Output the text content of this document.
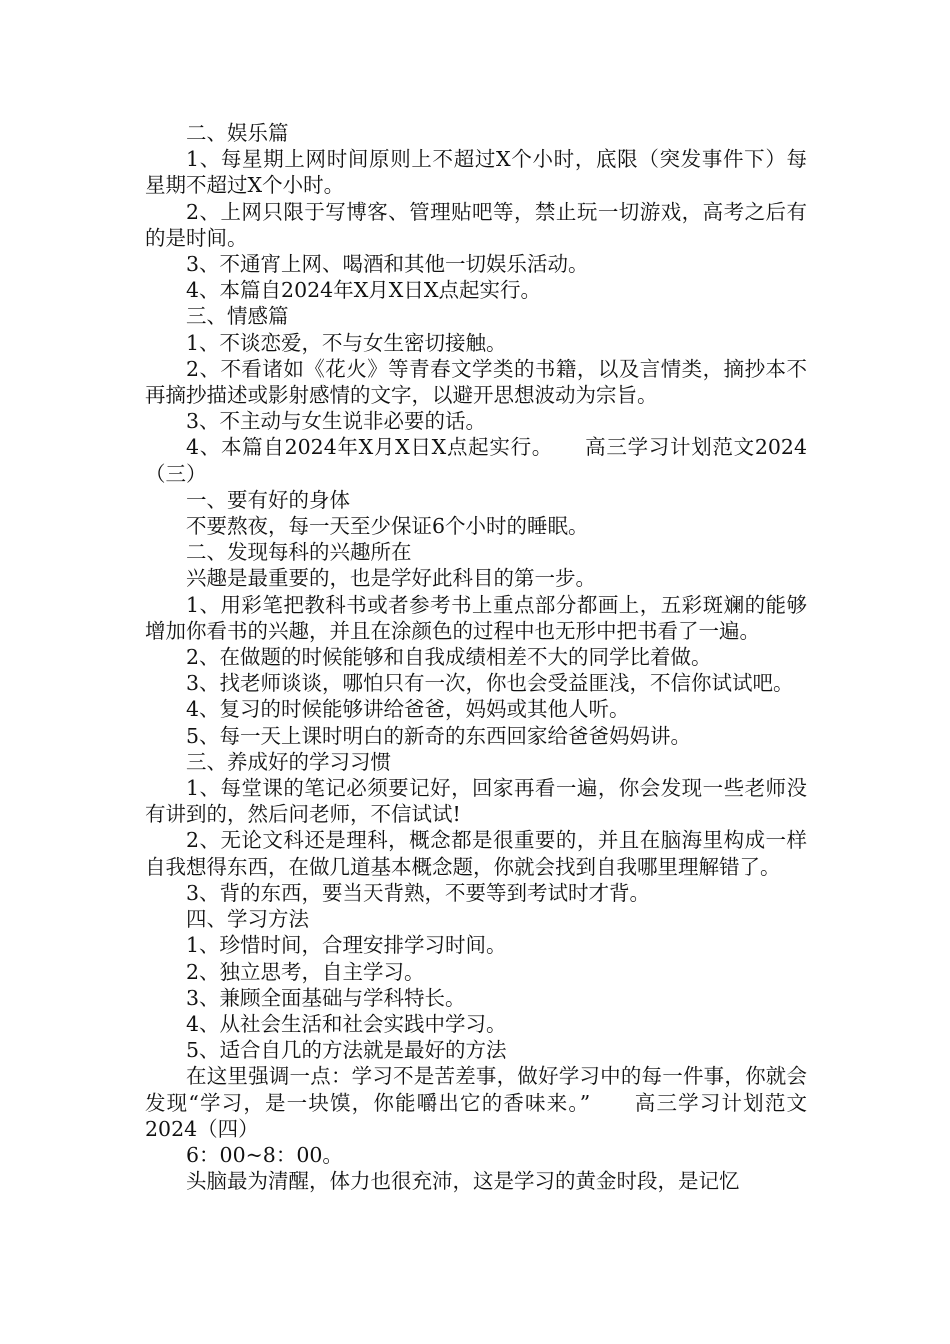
二、娱乐篇

1、每星期上网时间原则上不超过X个小时，底限（突发事件下）每星期不超过X个小时。

2、上网只限于写博客、管理贴吧等，禁止玩一切游戏，高考之后有的是时间。

3、不通宵上网、喝酒和其他一切娱乐活动。

4、本篇自2024年X月X日X点起实行。

三、情感篇

1、不谈恋爱，不与女生密切接触。

2、不看诸如《花火》等青春文学类的书籍，以及言情类，摘抄本不再摘抄描述或影射感情的文字，以避开思想波动为宗旨。

3、不主动与女生说非必要的话。

4、本篇自2024年X月X日X点起实行。　　高三学习计划范文2024（三）

一、要有好的身体

不要熬夜，每一天至少保证6个小时的睡眠。

二、发现每科的兴趣所在

兴趣是最重要的，也是学好此科目的第一步。

1、用彩笔把教科书或者参考书上重点部分都画上，五彩斑斓的能够增加你看书的兴趣，并且在涂颜色的过程中也无形中把书看了一遍。

2、在做题的时候能够和自我成绩相差不大的同学比着做。

3、找老师谈谈，哪怕只有一次，你也会受益匪浅，不信你试试吧。

4、复习的时候能够讲给爸爸，妈妈或其他人听。

5、每一天上课时明白的新奇的东西回家给爸爸妈妈讲。

三、养成好的学习习惯

1、每堂课的笔记必须要记好，回家再看一遍，你会发现一些老师没有讲到的，然后问老师，不信试试!

2、无论文科还是理科，概念都是很重要的，并且在脑海里构成一样自我想得东西，在做几道基本概念题，你就会找到自我哪里理解错了。

3、背的东西，要当天背熟，不要等到考试时才背。

四、学习方法

1、珍惜时间，合理安排学习时间。

2、独立思考，自主学习。

3、兼顾全面基础与学科特长。

4、从社会生活和社会实践中学习。

5、适合自几的方法就是最好的方法

在这里强调一点：学习不是苦差事，做好学习中的每一件事，你就会发现“学习，是一块馍，你能嚼出它的香味来。”　　高三学习计划范文2024（四）

6：00~8：00。

头脑最为清醒，体力也很充沛，这是学习的黄金时段，是记忆
